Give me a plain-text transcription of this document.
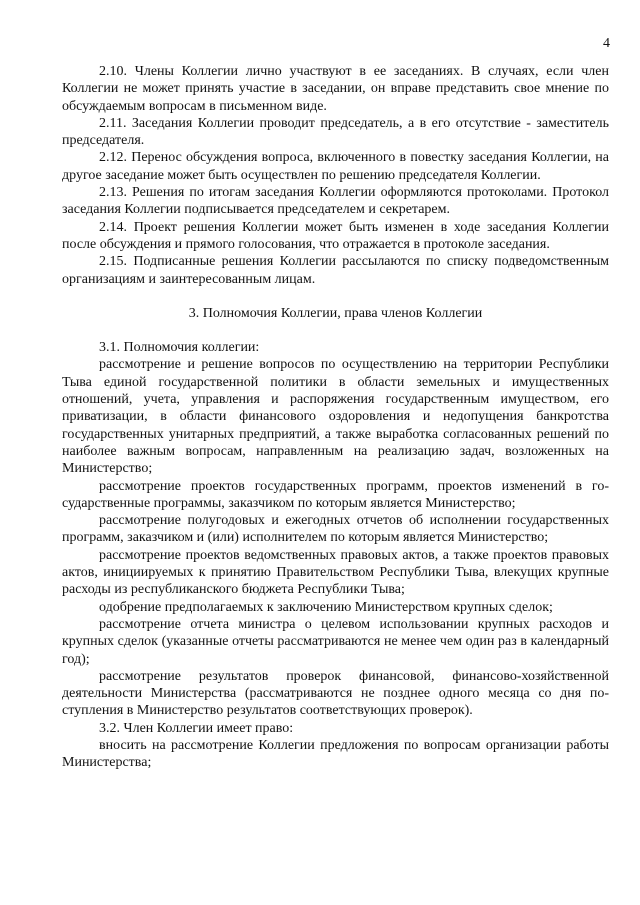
4

2.10. Члены Коллегии лично участвуют в ее заседаниях. В случаях, если член Коллегии не может принять участие в заседании, он вправе представить свое мнение по обсуждаемым вопросам в письменном виде.

2.11. Заседания Коллегии проводит председатель, а в его отсутствие - заместитель председателя.

2.12. Перенос обсуждения вопроса, включенного в повестку заседания Коллегии, на другое заседание может быть осуществлен по решению председателя Коллегии.

2.13. Решения по итогам заседания Коллегии оформляются протоколами. Протокол заседания Коллегии подписывается председателем и секретарем.

2.14. Проект решения Коллегии может быть изменен в ходе заседания Коллегии после обсуждения и прямого голосования, что отражается в протоколе заседания.

2.15. Подписанные решения Коллегии рассылаются по списку подведомственным организациям и заинтересованным лицам.

3. Полномочия Коллегии, права членов Коллегии

3.1. Полномочия коллегии:

рассмотрение и решение вопросов по осуществлению на территории Республики Тыва единой государственной политики в области земельных и имущественных отношений, учета, управления и распоряжения государственным имуществом, его приватизации, в области финансового оздоровления и недопущения банкротства государственных унитарных предприятий, а также выработка согласованных решений по наиболее важным вопросам, направленным на реализацию задач, возложенных на Министерство;

рассмотрение проектов государственных программ, проектов изменений в государственные программы, заказчиком по которым является Министерство;

рассмотрение полугодовых и ежегодных отчетов об исполнении государственных программ, заказчиком и (или) исполнителем по которым является Министерство;

рассмотрение проектов ведомственных правовых актов, а также проектов правовых актов, инициируемых к принятию Правительством Республики Тыва, влекущих крупные расходы из республиканского бюджета Республики Тыва;

одобрение предполагаемых к заключению Министерством крупных сделок;

рассмотрение отчета министра о целевом использовании крупных расходов и крупных сделок (указанные отчеты рассматриваются не менее чем один раз в календарный год);

рассмотрение результатов проверок финансовой, финансово-хозяйственной деятельности Министерства (рассматриваются не позднее одного месяца со дня поступления в Министерство результатов соответствующих проверок).

3.2. Член Коллегии имеет право:

вносить на рассмотрение Коллегии предложения по вопросам организации работы Министерства;
